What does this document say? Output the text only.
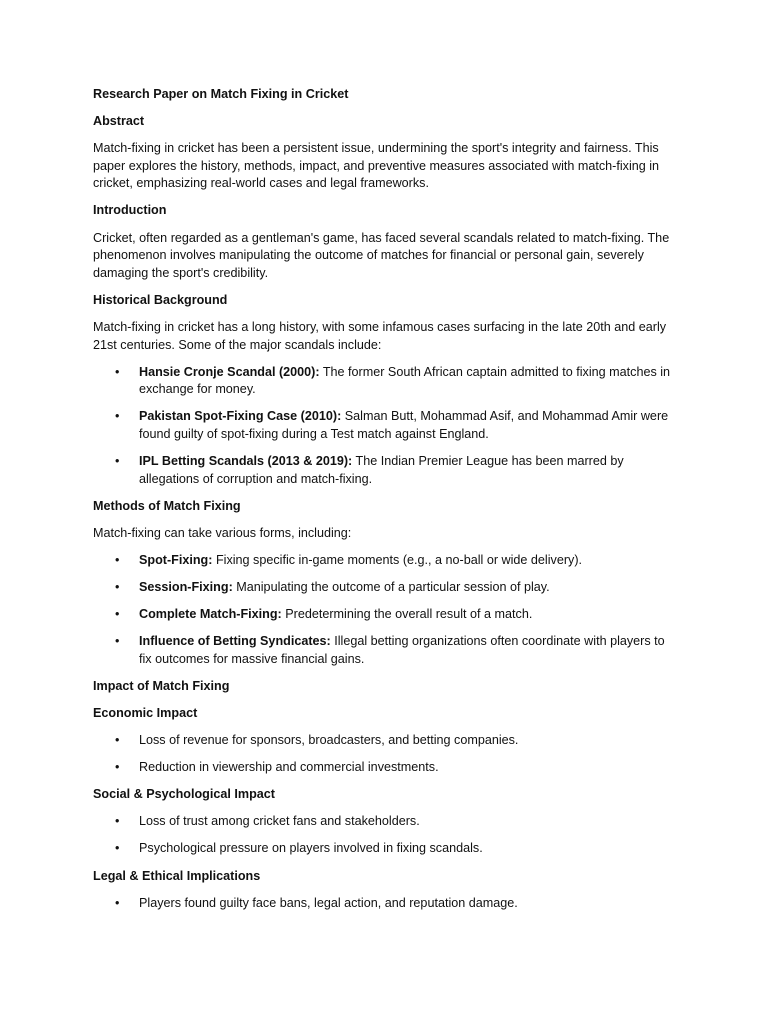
Research Paper on Match Fixing in Cricket
Abstract
Match-fixing in cricket has been a persistent issue, undermining the sport's integrity and fairness. This paper explores the history, methods, impact, and preventive measures associated with match-fixing in cricket, emphasizing real-world cases and legal frameworks.
Introduction
Cricket, often regarded as a gentleman's game, has faced several scandals related to match-fixing. The phenomenon involves manipulating the outcome of matches for financial or personal gain, severely damaging the sport's credibility.
Historical Background
Match-fixing in cricket has a long history, with some infamous cases surfacing in the late 20th and early 21st centuries. Some of the major scandals include:
• Hansie Cronje Scandal (2000): The former South African captain admitted to fixing matches in exchange for money.
• Pakistan Spot-Fixing Case (2010): Salman Butt, Mohammad Asif, and Mohammad Amir were found guilty of spot-fixing during a Test match against England.
• IPL Betting Scandals (2013 & 2019): The Indian Premier League has been marred by allegations of corruption and match-fixing.
Methods of Match Fixing
Match-fixing can take various forms, including:
• Spot-Fixing: Fixing specific in-game moments (e.g., a no-ball or wide delivery).
• Session-Fixing: Manipulating the outcome of a particular session of play.
• Complete Match-Fixing: Predetermining the overall result of a match.
• Influence of Betting Syndicates: Illegal betting organizations often coordinate with players to fix outcomes for massive financial gains.
Impact of Match Fixing
Economic Impact
• Loss of revenue for sponsors, broadcasters, and betting companies.
• Reduction in viewership and commercial investments.
Social & Psychological Impact
• Loss of trust among cricket fans and stakeholders.
• Psychological pressure on players involved in fixing scandals.
Legal & Ethical Implications
• Players found guilty face bans, legal action, and reputation damage.
